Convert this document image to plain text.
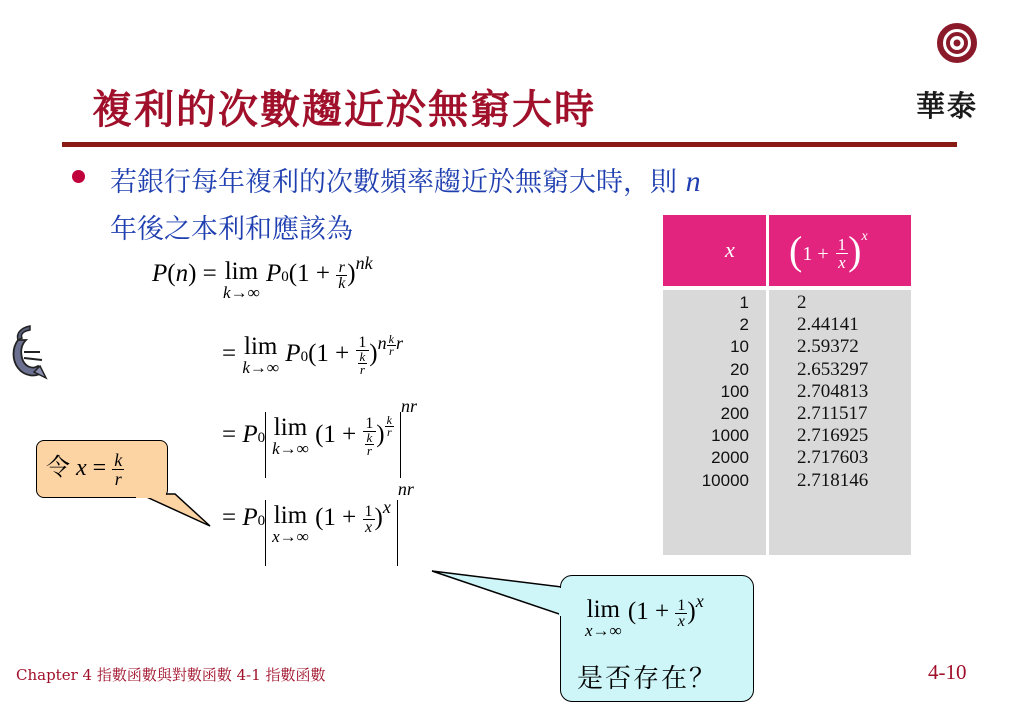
複利的次數趨近於無窮大時	華泰
若銀行每年複利的次數頻率趨近於無窮大時，則 n
年後之本利和應該為
P(n) = lim
k→∞
$P0(1 + \frac{r}{k} )^{nk}$
= lim
k→∞
$P0(1 + \frac{1}{\frac{k}{r}} )^{n \frac{k}{r} r}$
= P0 lim
k→∞
($1 + \frac{1}{\frac{k}{r}}$ ) $^{\frac{k}{r}}$
$^{nr}$
= P0 lim
x→∞
$(1 + \frac{1}{x} )^{xnr}$
令 $x = \frac{k}{r}$
lim
x→∞
$(1 + \frac{1}{x} )^x$
是否存在？
x $(1 + \frac{1}{x} )^x$
1
2
10
20
100
200
1000
2000
10000
2
2.44141
2.59372
2.653297
2.704813
2.711517
2.716925
2.717603
2.718146
Chapter 4 指數函數與對數函數 4-1 指數函數	4-10
